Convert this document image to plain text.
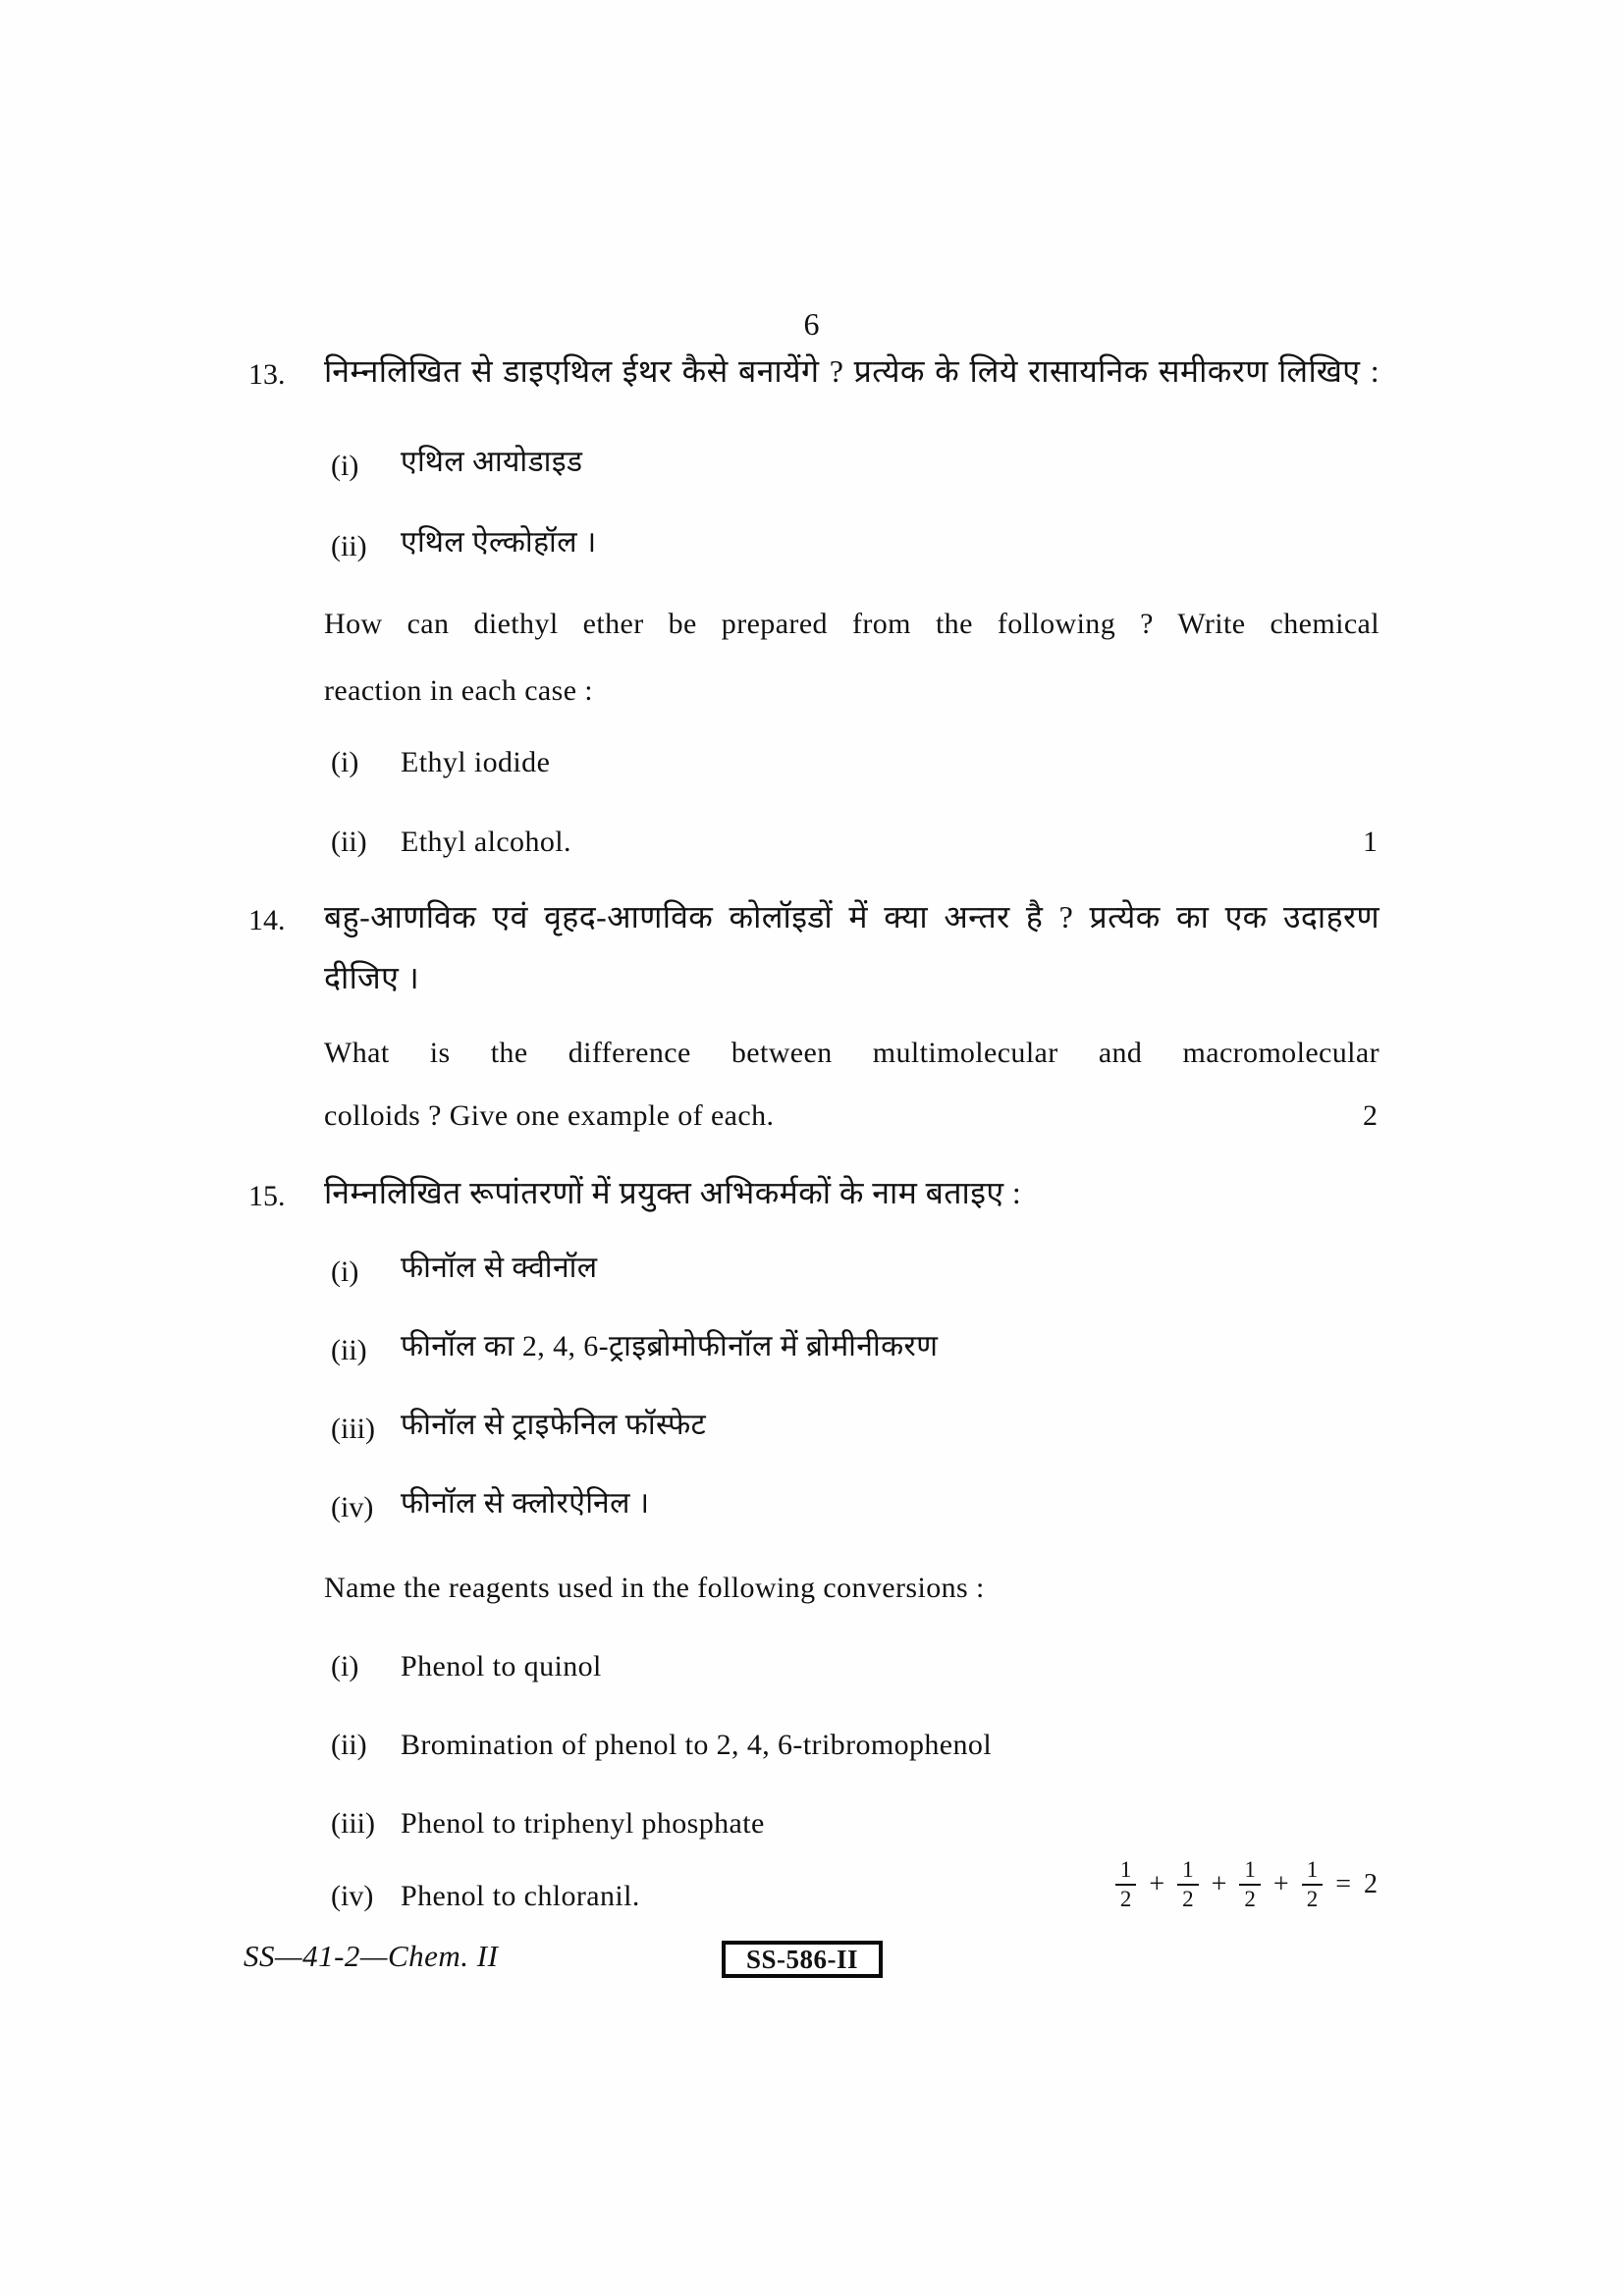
6
13.	निम्नलिखित से डाइएथिल ईथर कैसे बनायेंगे ? प्रत्येक के लिये रासायनिक समीकरण लिखिए :
(i)	एथिल आयोडाइड
(ii)	एथिल ऐल्कोहॉल ।
How can diethyl ether be prepared from the following ? Write chemical
reaction in each case :
(i)	Ethyl iodide
(ii)	Ethyl alcohol.	1
14.	बहु-आणविक एवं वृहद-आणविक कोलॉइडों में क्या अन्तर है ? प्रत्येक का एक उदाहरण
दीजिए ।
What is the difference between multimolecular and macromolecular
colloids ? Give one example of each.	2
15.	निम्नलिखित रूपांतरणों में प्रयुक्त अभिकर्मकों के नाम बताइए :
(i)	फीनॉल से क्वीनॉल
(ii)	फीनॉल का 2, 4, 6-ट्राइब्रोमोफीनॉल में ब्रोमीनीकरण
(iii) फीनॉल से ट्राइफेनिल फॉस्फेट
(iv) फीनॉल से क्लोरऐनिल ।
Name the reagents used in the following conversions :
(i)	Phenol to quinol
(ii)	Bromination of phenol to 2, 4, 6-tribromophenol
(iii) Phenol to triphenyl phosphate
(iv) Phenol to chloranil.	$\frac{1}{2} + \frac{1}{2} + \frac{1}{2} + \frac{1}{2} = 2$
SS—41-2—Chem. II	SS-586-II
